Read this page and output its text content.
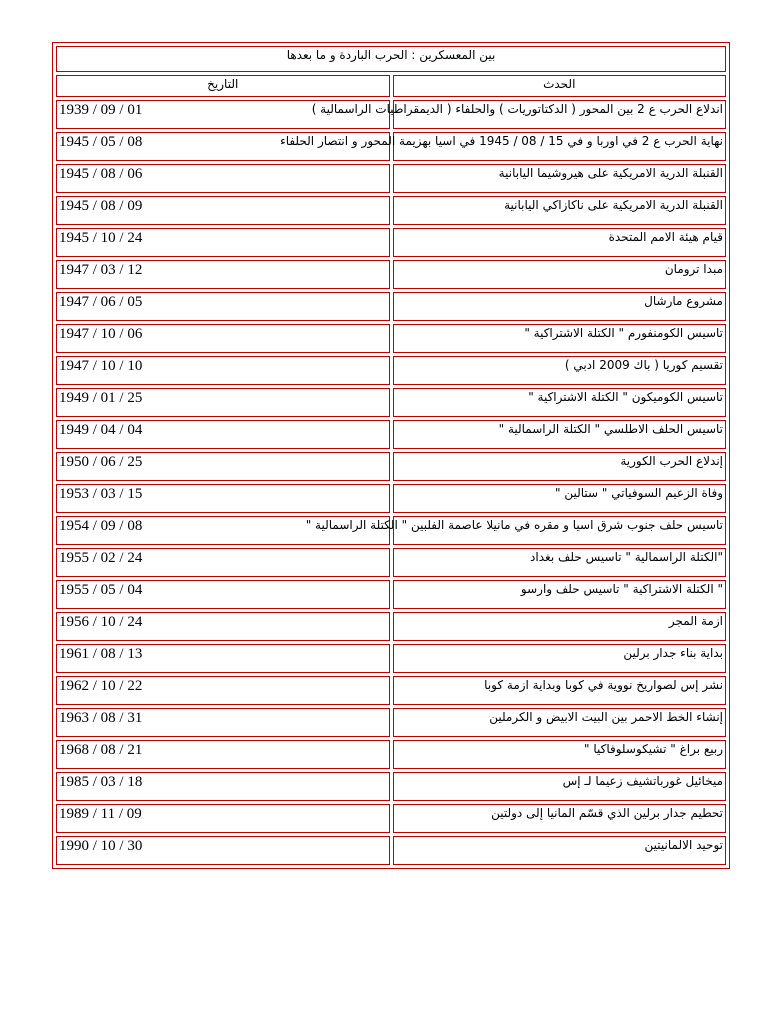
بين المعسكرين : الحرب الباردة و ما بعدها	
التاريخ	الحدث
1939 / 09 / 01	اندلاع الحرب ع 2 بين المحور ( الدكتاتوريات ) والحلفاء ( الديمقراطيات الراسمالية )
1945 / 05 / 08	نهاية الحرب ع 2 في اوربا و في 15 / 08 / 1945 في اسيا بهزيمة المحور و انتصار الحلفاء
1945 / 08 / 06	القنبلة الدرية الامريكية على هيروشيما اليابانية
1945 / 08 / 09	القنبلة الدرية الامريكية على ناكازاكي اليابانية
1945 / 10 / 24	قيام هيئة الامم المتحدة
1947 / 03 / 12	مبدا ترومان
1947 / 06 / 05	مشروع مارشال
1947 / 10 / 06	تاسيس الكومنفورم " الكتلة الاشتراكية "
1947 / 10 / 10	تقسيم كوريا ( باك 2009 ادبي )
1949 / 01 / 25	تاسيس الكوميكون " الكتلة الاشتراكية "
1949 / 04 / 04	تاسيس الحلف الاطلسي " الكتلة الراسمالية "
1950 / 06 / 25	إندلاع الحرب الكورية
1953 / 03 / 15	وفاة الزعيم السوفياتي " ستالين "
1954 / 09 / 08	تاسيس حلف جنوب شرق اسيا و مقره في مانيلا عاصمة الفلبين " الكتلة الراسمالية "
1955 / 02 / 24	"الكتلة الراسمالية " تاسيس حلف بغداد
1955 / 05 / 04	" الكتلة الاشتراكية " تاسيس حلف وارسو
1956 / 10 / 24	ازمة المجر
1961 / 08 / 13	بداية بناء جدار برلين
1962 / 10 / 22	نشر إس لصواريخ نووية في كوبا وبداية ازمة كوبا
1963 / 08 / 31	إنشاء الخط الاحمر بين البيت الابيض و الكرملين
1968 / 08 / 21	ربيع براغ " تشيكوسلوفاكيا "
1985 / 03 / 18	ميخائيل غورباتشيف زعيما لـ إس
1989 / 11 / 09	تحطيم جدار برلين الذي قسّم المانيا إلى دولتين
1990 / 10 / 30	توحيد الالمانيتين
